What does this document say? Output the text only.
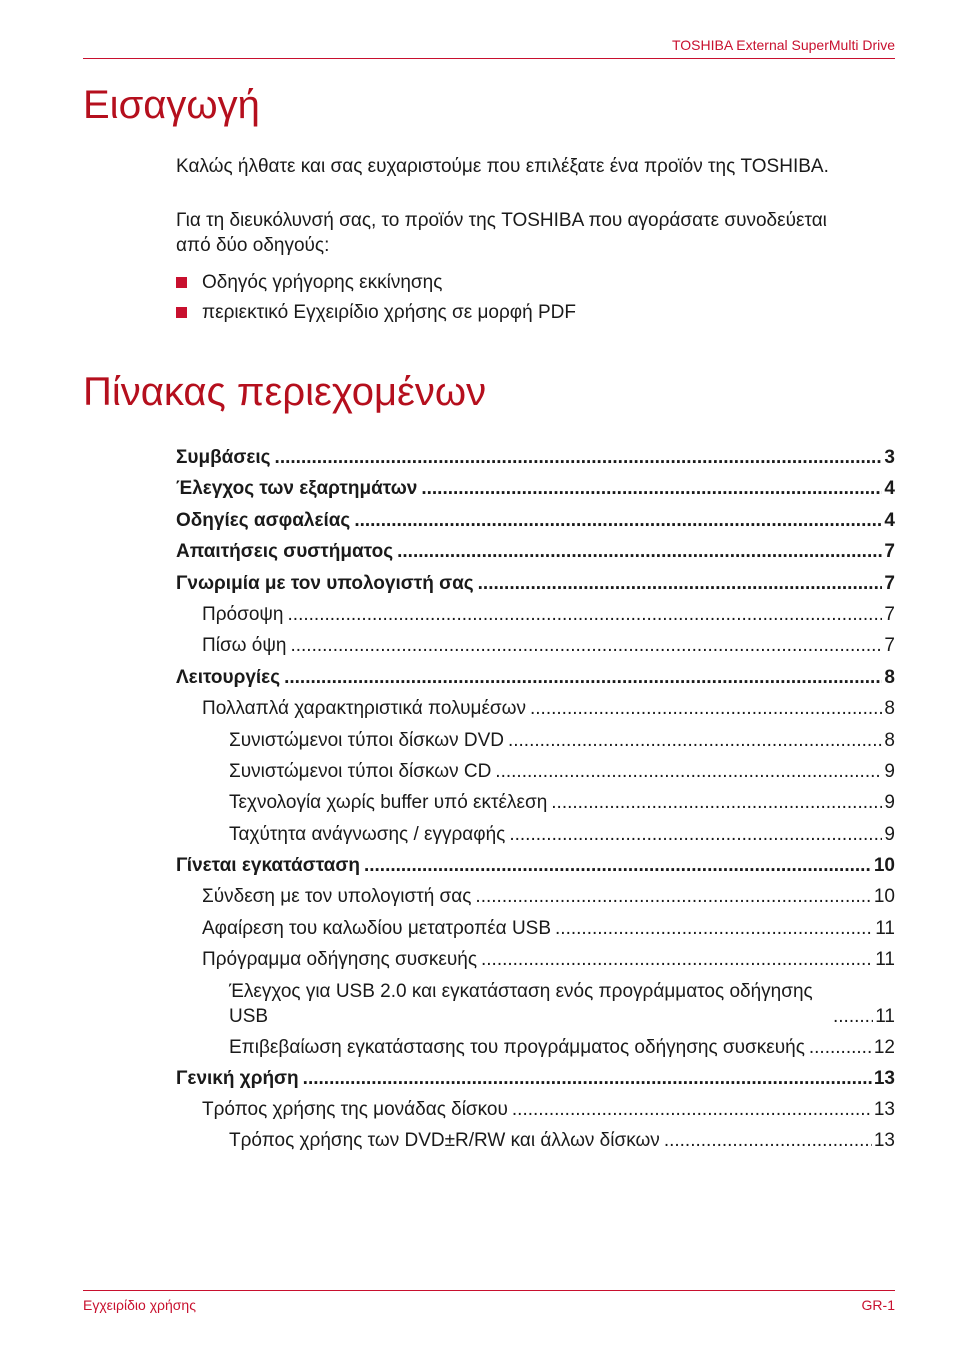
TOSHIBA External SuperMulti Drive
Εισαγωγή

Καλώς ήλθατε και σας ευχαριστούμε που επιλέξατε ένα προϊόν της TOSHIBA.

Για τη διευκόλυνσή σας, το προϊόν της TOSHIBA που αγοράσατε συνοδεύεται από δύο οδηγούς:

Οδηγός γρήγορης εκκίνησης
περιεκτικό Εγχειρίδιο χρήσης σε μορφή PDF
Πίνακας περιεχομένων
Συμβάσεις .....	3
Έλεγχος των εξαρτημάτων .....	4
Οδηγίες ασφαλείας .....	4
Απαιτήσεις συστήματος .....	7
Γνωριμία με τον υπολογιστή σας .....	7
Πρόσοψη .....	7
Πίσω όψη .....	7
Λειτουργίες .....	8
Πολλαπλά χαρακτηριστικά πολυμέσων .....	8
Συνιστώμενοι τύποι δίσκων DVD .....	8
Συνιστώμενοι τύποι δίσκων CD .....	9
Τεχνολογία χωρίς buffer υπό εκτέλεση .....	9
Ταχύτητα ανάγνωσης / εγγραφής .....	9
Γίνεται εγκατάσταση .....	10
Σύνδεση με τον υπολογιστή σας .....	10
Αφαίρεση του καλωδίου μετατροπέα USB .....	11
Πρόγραμμα οδήγησης συσκευής .....	11
Έλεγχος για USB 2.0 και εγκατάσταση ενός προγράμματος οδήγησης USB .....	11
Επιβεβαίωση εγκατάστασης του προγράμματος οδήγησης συσκευής .....	12
Γενική χρήση .....	13
Τρόπος χρήσης της μονάδας δίσκου .....	13
Τρόπος χρήσης των DVD±R/RW και άλλων δίσκων .....	13
Εγχειρίδιο χρήσης	GR-1
